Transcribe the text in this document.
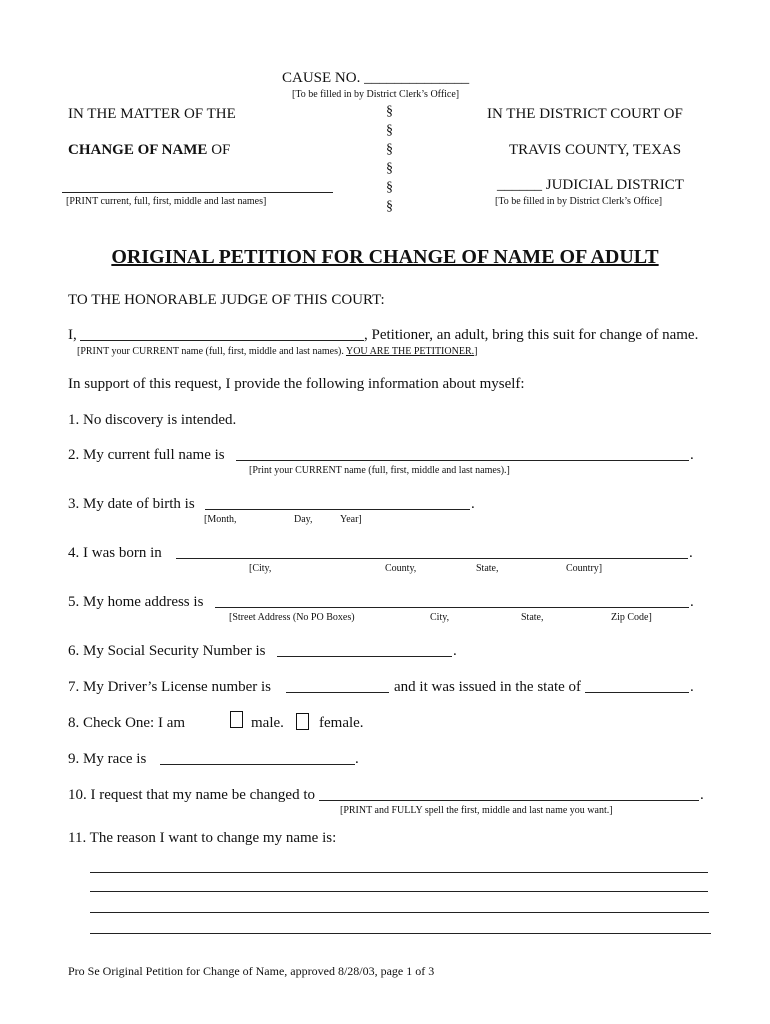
CAUSE NO. ______________
[To be filled in by District Clerk’s Office]
IN THE MATTER OF THE
CHANGE OF NAME OF
[PRINT current, full, first, middle and last names]
§
§
§
§
§
§
IN THE DISTRICT COURT OF
TRAVIS COUNTY, TEXAS
______ JUDICIAL DISTRICT
[To be filled in by District Clerk’s Office]
ORIGINAL PETITION FOR CHANGE OF NAME OF ADULT
TO THE HONORABLE JUDGE OF THIS COURT:
I,	, Petitioner, an adult, bring this suit for change of name.
[PRINT your CURRENT name (full, first, middle and last names). YOU ARE THE PETITIONER.]
In support of this request, I provide the following information about myself:
1. No discovery is intended.
2. My current full name is	.
[Print your CURRENT name (full, first, middle and last names).]
3. My date of birth is	.
[Month,	Day,	Year]
4. I was born in	.
[City,	County,	State,	Country]
5. My home address is	.
[Street Address (No PO Boxes)	City,	State,	Zip Code]
6. My Social Security Number is	.
7. My Driver’s License number is	and it was issued in the state of	.
8. Check One: I am	male. female.
9. My race is	.
10. I request that my name be changed to	.
[PRINT and FULLY spell the first, middle and last name you want.]
11. The reason I want to change my name is:
Pro Se Original Petition for Change of Name, approved 8/28/03, page 1 of 3
